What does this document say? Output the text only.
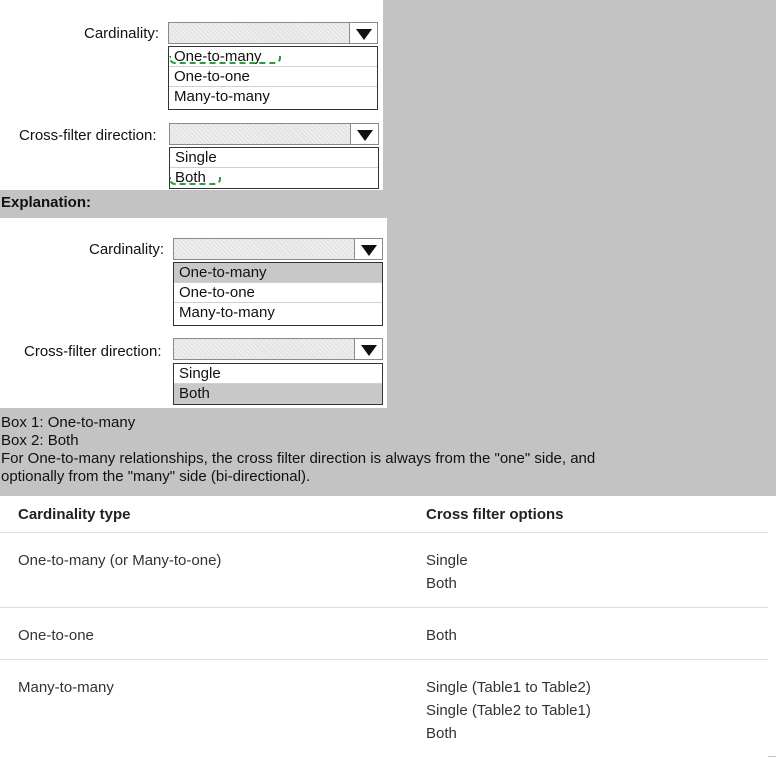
Cardinality:
One-to-many
One-to-one
Many-to-many
Cross-filter direction:
Single
Both
Explanation:
Cardinality:
One-to-many
One-to-one
Many-to-many
Cross-filter direction:
Single
Both
Box 1: One-to-many
Box 2: Both
For One-to-many relationships, the cross filter direction is always from the "one" side, and
optionally from the "many" side (bi-directional).
Cardinality type	Cross filter options
One-to-many (or Many-to-one)	Single
Both

One-to-one	Both

Many-to-many	Single (Table1 to Table2)
Single (Table2 to Table1)
Both
